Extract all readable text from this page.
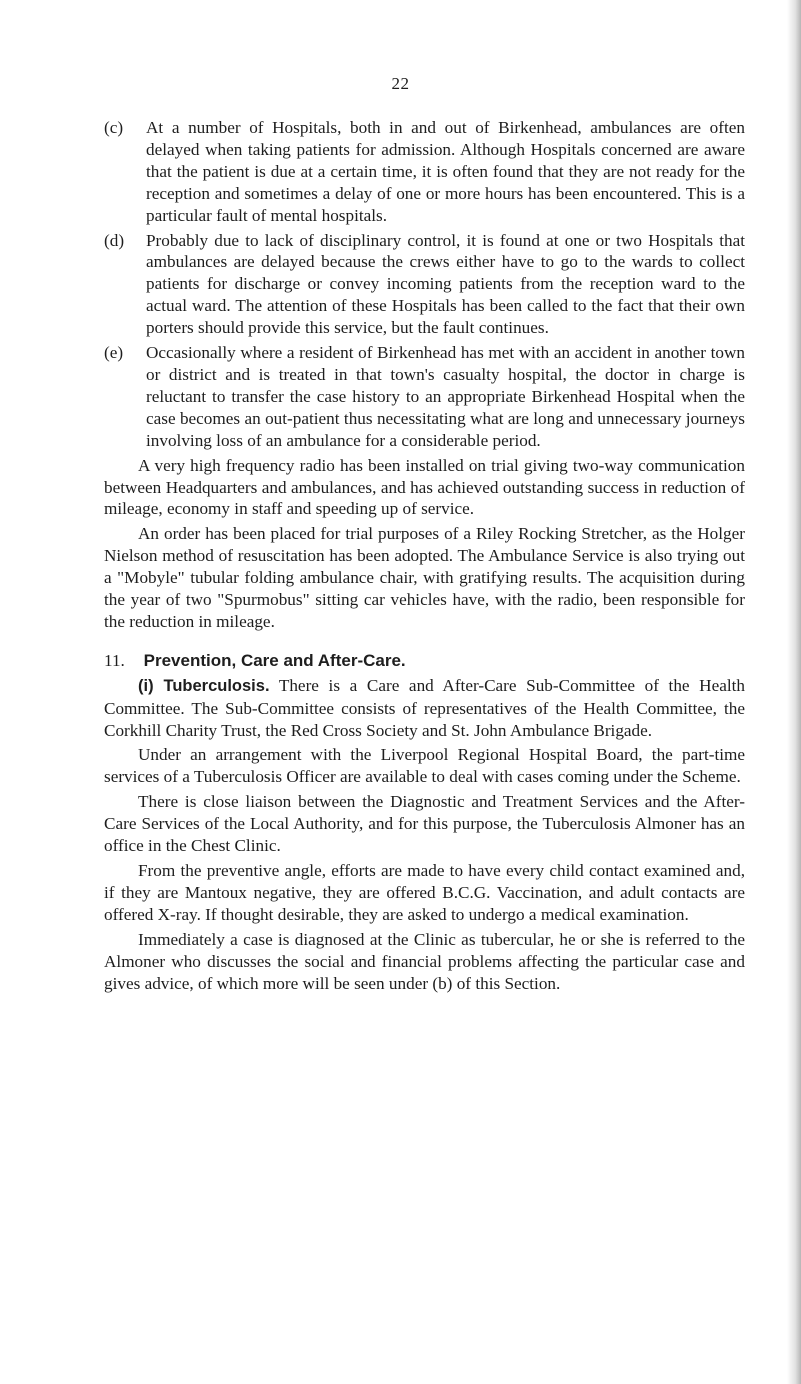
22
(c) At a number of Hospitals, both in and out of Birkenhead, ambulances are often delayed when taking patients for admission. Although Hospitals concerned are aware that the patient is due at a certain time, it is often found that they are not ready for the reception and sometimes a delay of one or more hours has been encountered. This is a particular fault of mental hospitals.
(d) Probably due to lack of disciplinary control, it is found at one or two Hospitals that ambulances are delayed because the crews either have to go to the wards to collect patients for discharge or convey incoming patients from the reception ward to the actual ward. The attention of these Hospitals has been called to the fact that their own porters should provide this service, but the fault continues.
(e) Occasionally where a resident of Birkenhead has met with an accident in another town or district and is treated in that town's casualty hospital, the doctor in charge is reluctant to transfer the case history to an appropriate Birkenhead Hospital when the case becomes an out-patient thus necessitating what are long and unnecessary journeys involving loss of an ambulance for a considerable period.

A very high frequency radio has been installed on trial giving two-way communication between Headquarters and ambulances, and has achieved outstanding success in reduction of mileage, economy in staff and speeding up of service.

An order has been placed for trial purposes of a Riley Rocking Stretcher, as the Holger Nielson method of resuscitation has been adopted. The Ambulance Service is also trying out a "Mobyle" tubular folding ambulance chair, with gratifying results. The acquisition during the year of two "Spurmobus" sitting car vehicles have, with the radio, been responsible for the reduction in mileage.

11. Prevention, Care and After-Care.

(i) Tuberculosis. There is a Care and After-Care Sub-Committee of the Health Committee. The Sub-Committee consists of representatives of the Health Committee, the Corkhill Charity Trust, the Red Cross Society and St. John Ambulance Brigade.

Under an arrangement with the Liverpool Regional Hospital Board, the part-time services of a Tuberculosis Officer are available to deal with cases coming under the Scheme.

There is close liaison between the Diagnostic and Treatment Services and the After-Care Services of the Local Authority, and for this purpose, the Tuberculosis Almoner has an office in the Chest Clinic.

From the preventive angle, efforts are made to have every child contact examined and, if they are Mantoux negative, they are offered B.C.G. Vaccination, and adult contacts are offered X-ray. If thought desirable, they are asked to undergo a medical examination.

Immediately a case is diagnosed at the Clinic as tubercular, he or she is referred to the Almoner who discusses the social and financial problems affecting the particular case and gives advice, of which more will be seen under (b) of this Section.
